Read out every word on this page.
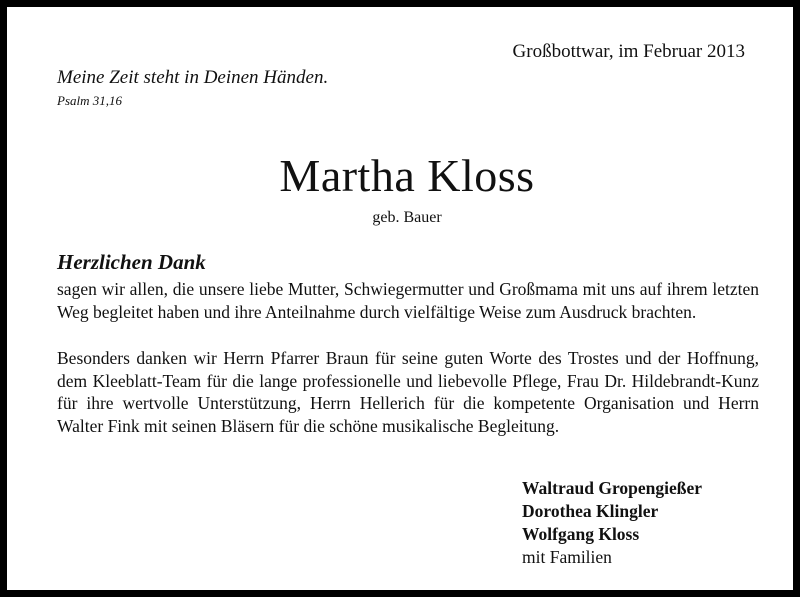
Großbottwar, im Februar 2013
Meine Zeit steht in Deinen Händen.
Psalm 31,16
Martha Kloss
geb. Bauer
Herzlichen Dank
sagen wir allen, die unsere liebe Mutter, Schwiegermutter und Großmama mit uns auf ihrem letzten Weg begleitet haben und ihre Anteilnahme durch vielfältige Weise zum Ausdruck brachten.
Besonders danken wir Herrn Pfarrer Braun für seine guten Worte des Trostes und der Hoffnung, dem Kleeblatt-Team für die lange professionelle und liebevolle Pflege, Frau Dr. Hildebrandt-Kunz für ihre wertvolle Unterstützung, Herrn Hellerich für die kompetente Organisation und Herrn Walter Fink mit seinen Bläsern für die schöne musikalische Begleitung.
Waltraud Gropengießer
Dorothea Klingler
Wolfgang Kloss
mit Familien
